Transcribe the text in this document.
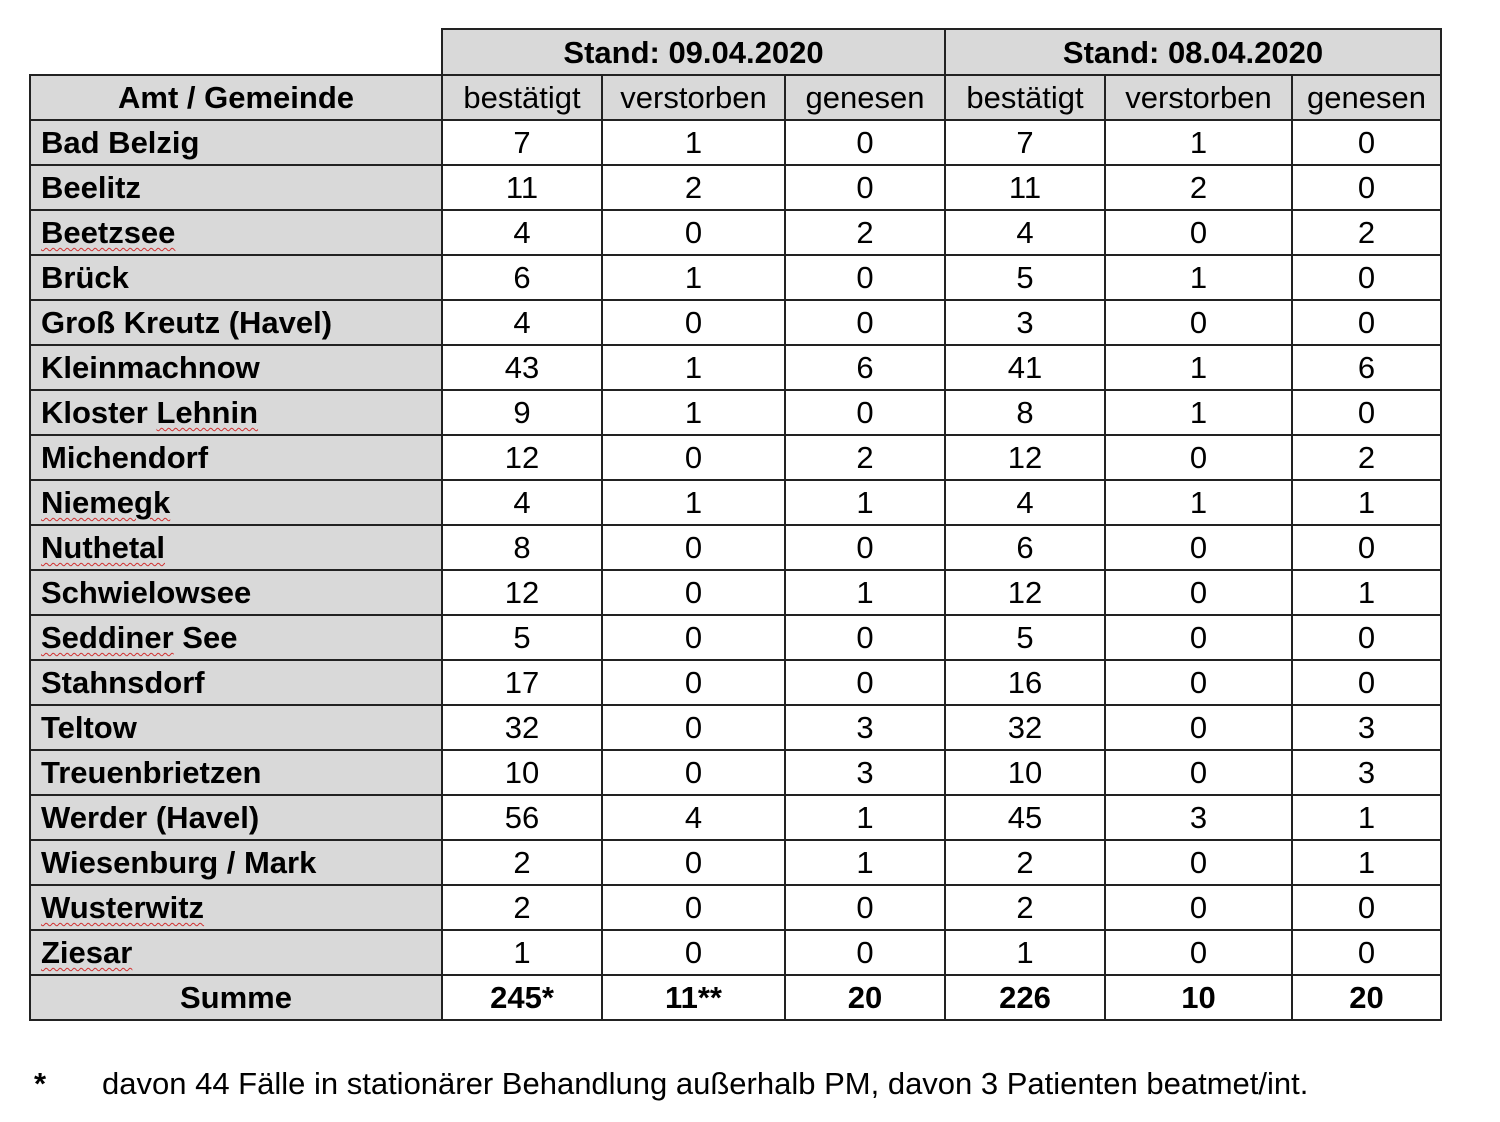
	Stand: 09.04.2020			Stand: 08.04.2020		
Amt / Gemeinde	bestätigt	verstorben	genesen	bestätigt	verstorben	genesen
Bad Belzig	7	1	0	7	1	0
Beelitz	11	2	0	11	2	0
Beetzsee	4	0	2	4	0	2
Brück	6	1	0	5	1	0
Groß Kreutz (Havel)	4	0	0	3	0	0
Kleinmachnow	43	1	6	41	1	6
Kloster Lehnin	9	1	0	8	1	0
Michendorf	12	0	2	12	0	2
Niemegk	4	1	1	4	1	1
Nuthetal	8	0	0	6	0	0
Schwielowsee	12	0	1	12	0	1
Seddiner See	5	0	0	5	0	0
Stahnsdorf	17	0	0	16	0	0
Teltow	32	0	3	32	0	3
Treuenbrietzen	10	0	3	10	0	3
Werder (Havel)	56	4	1	45	3	1
Wiesenburg / Mark	2	0	1	2	0	1
Wusterwitz	2	0	0	2	0	0
Ziesar	1	0	0	1	0	0
Summe	245*	11**	20	226	10	20
* davon 44 Fälle in stationärer Behandlung außerhalb PM, davon 3 Patienten beatmet/int.
